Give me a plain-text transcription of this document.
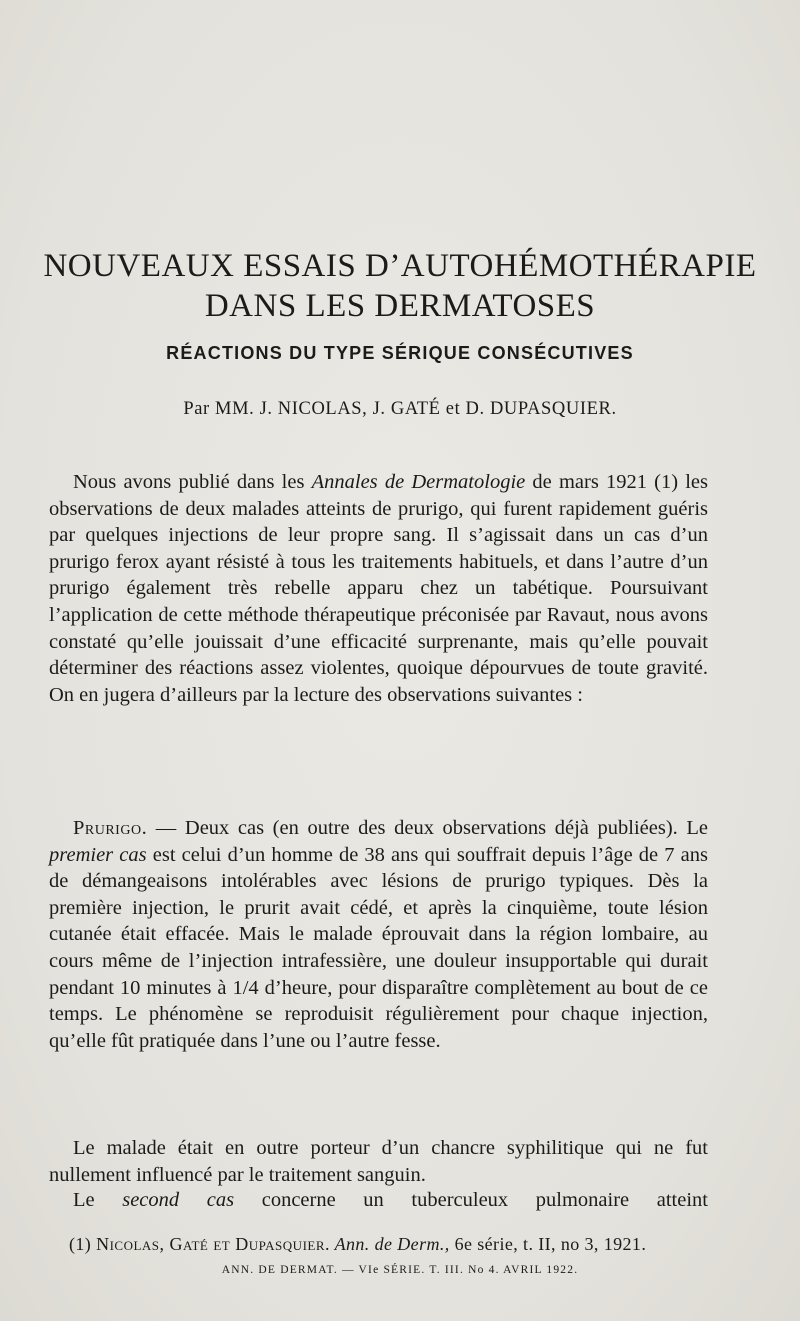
NOUVEAUX ESSAIS D’AUTOHÉMOTHÉRAPIE
DANS LES DERMATOSES
RÉACTIONS DU TYPE SÉRIQUE CONSÉCUTIVES
Par MM. J. NICOLAS, J. GATÉ et D. DUPASQUIER.

Nous avons publié dans les Annales de Dermatologie de mars 1921 (1) les observations de deux malades atteints de prurigo, qui furent rapidement guéris par quelques injections de leur propre sang. Il s’agissait dans un cas d’un prurigo ferox ayant résisté à tous les traitements habituels, et dans l’autre d’un prurigo également très rebelle apparu chez un tabétique. Poursuivant l’application de cette méthode thérapeutique préconisée par Ravaut, nous avons constaté qu’elle jouissait d’une efficacité surprenante, mais qu’elle pouvait déterminer des réactions assez violentes, quoique dépourvues de toute gravité. On en jugera d’ailleurs par la lecture des observations suivantes :

Prurigo. — Deux cas (en outre des deux observations déjà publiées). Le premier cas est celui d’un homme de 38 ans qui souffrait depuis l’âge de 7 ans de démangeaisons intolérables avec lésions de prurigo typiques. Dès la première injection, le prurit avait cédé, et après la cinquième, toute lésion cutanée était effacée. Mais le malade éprouvait dans la région lombaire, au cours même de l’injection intrafessière, une douleur insupportable qui durait pendant 10 minutes à 1/4 d’heure, pour disparaître complètement au bout de ce temps. Le phénomène se reproduisit régulièrement pour chaque injection, qu’elle fût pratiquée dans l’une ou l’autre fesse.

Le malade était en outre porteur d’un chancre syphilitique qui ne fut nullement influencé par le traitement sanguin.

Le second cas concerne un tuberculeux pulmonaire atteint

(1) Nicolas, Gaté et Dupasquier. Ann. de Derm., 6e série, t. II, no 3, 1921.
ANN. DE DERMAT. — VIe SÉRIE. T. III. No 4. AVRIL 1922.
